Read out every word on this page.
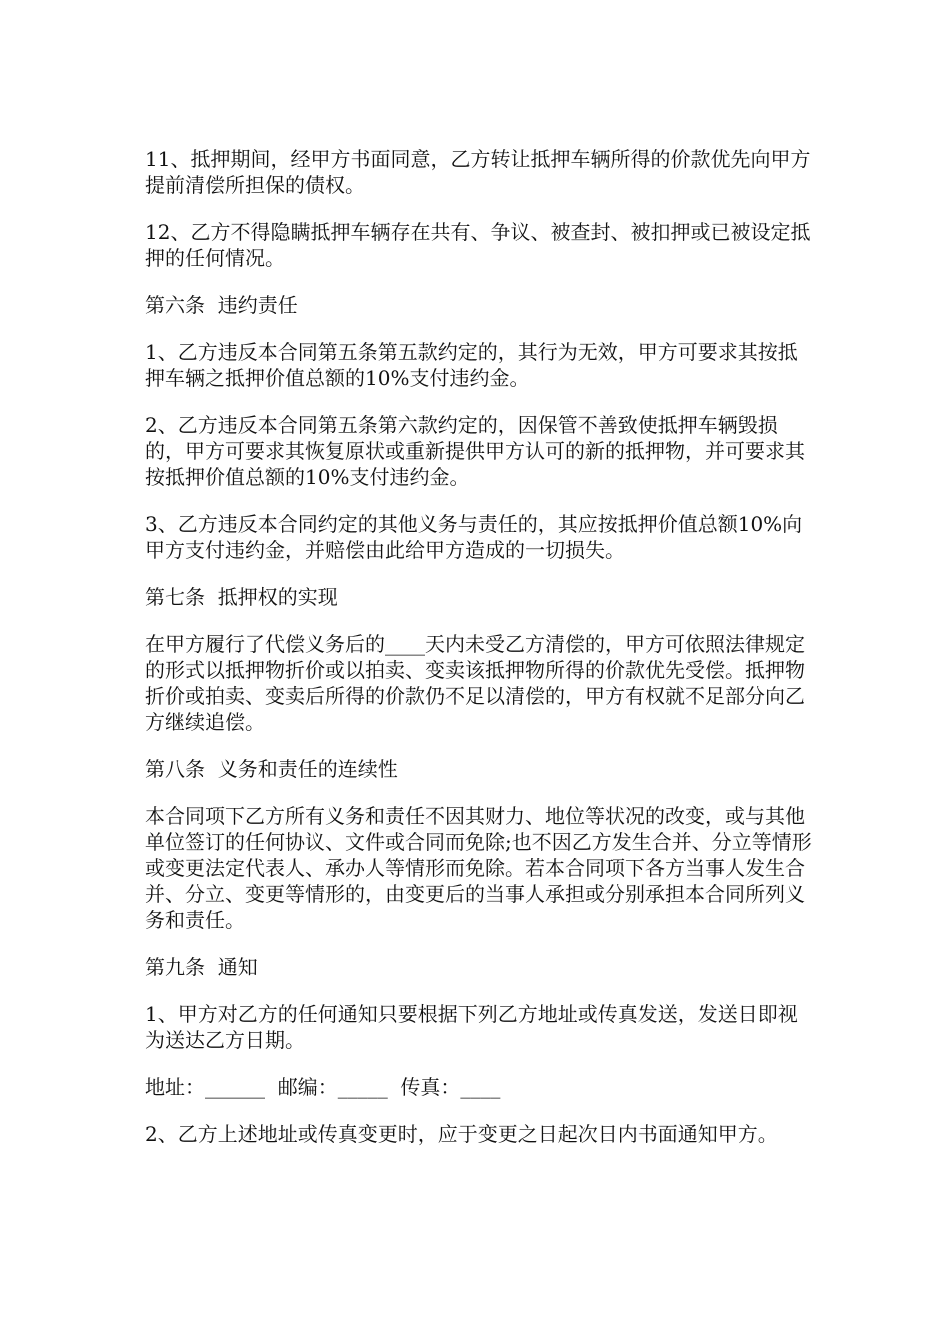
11、抵押期间，经甲方书面同意，乙方转让抵押车辆所得的价款优先向甲方提前清偿所担保的债权。

12、乙方不得隐瞒抵押车辆存在共有、争议、被查封、被扣押或已被设定抵押的任何情况。

第六条  违约责任

1、乙方违反本合同第五条第五款约定的，其行为无效，甲方可要求其按抵押车辆之抵押价值总额的10%支付违约金。

2、乙方违反本合同第五条第六款约定的，因保管不善致使抵押车辆毁损的，甲方可要求其恢复原状或重新提供甲方认可的新的抵押物，并可要求其按抵押价值总额的10%支付违约金。

3、乙方违反本合同约定的其他义务与责任的，其应按抵押价值总额10%向甲方支付违约金，并赔偿由此给甲方造成的一切损失。

第七条  抵押权的实现

在甲方履行了代偿义务后的____天内未受乙方清偿的，甲方可依照法律规定的形式以抵押物折价或以拍卖、变卖该抵押物所得的价款优先受偿。抵押物折价或拍卖、变卖后所得的价款仍不足以清偿的，甲方有权就不足部分向乙方继续追偿。

第八条  义务和责任的连续性

本合同项下乙方所有义务和责任不因其财力、地位等状况的改变，或与其他单位签订的任何协议、文件或合同而免除;也不因乙方发生合并、分立等情形或变更法定代表人、承办人等情形而免除。若本合同项下各方当事人发生合并、分立、变更等情形的，由变更后的当事人承担或分别承担本合同所列义务和责任。

第九条  通知

1、甲方对乙方的任何通知只要根据下列乙方地址或传真发送，发送日即视为送达乙方日期。

地址：______  邮编：_____  传真：____

2、乙方上述地址或传真变更时，应于变更之日起次日内书面通知甲方。
